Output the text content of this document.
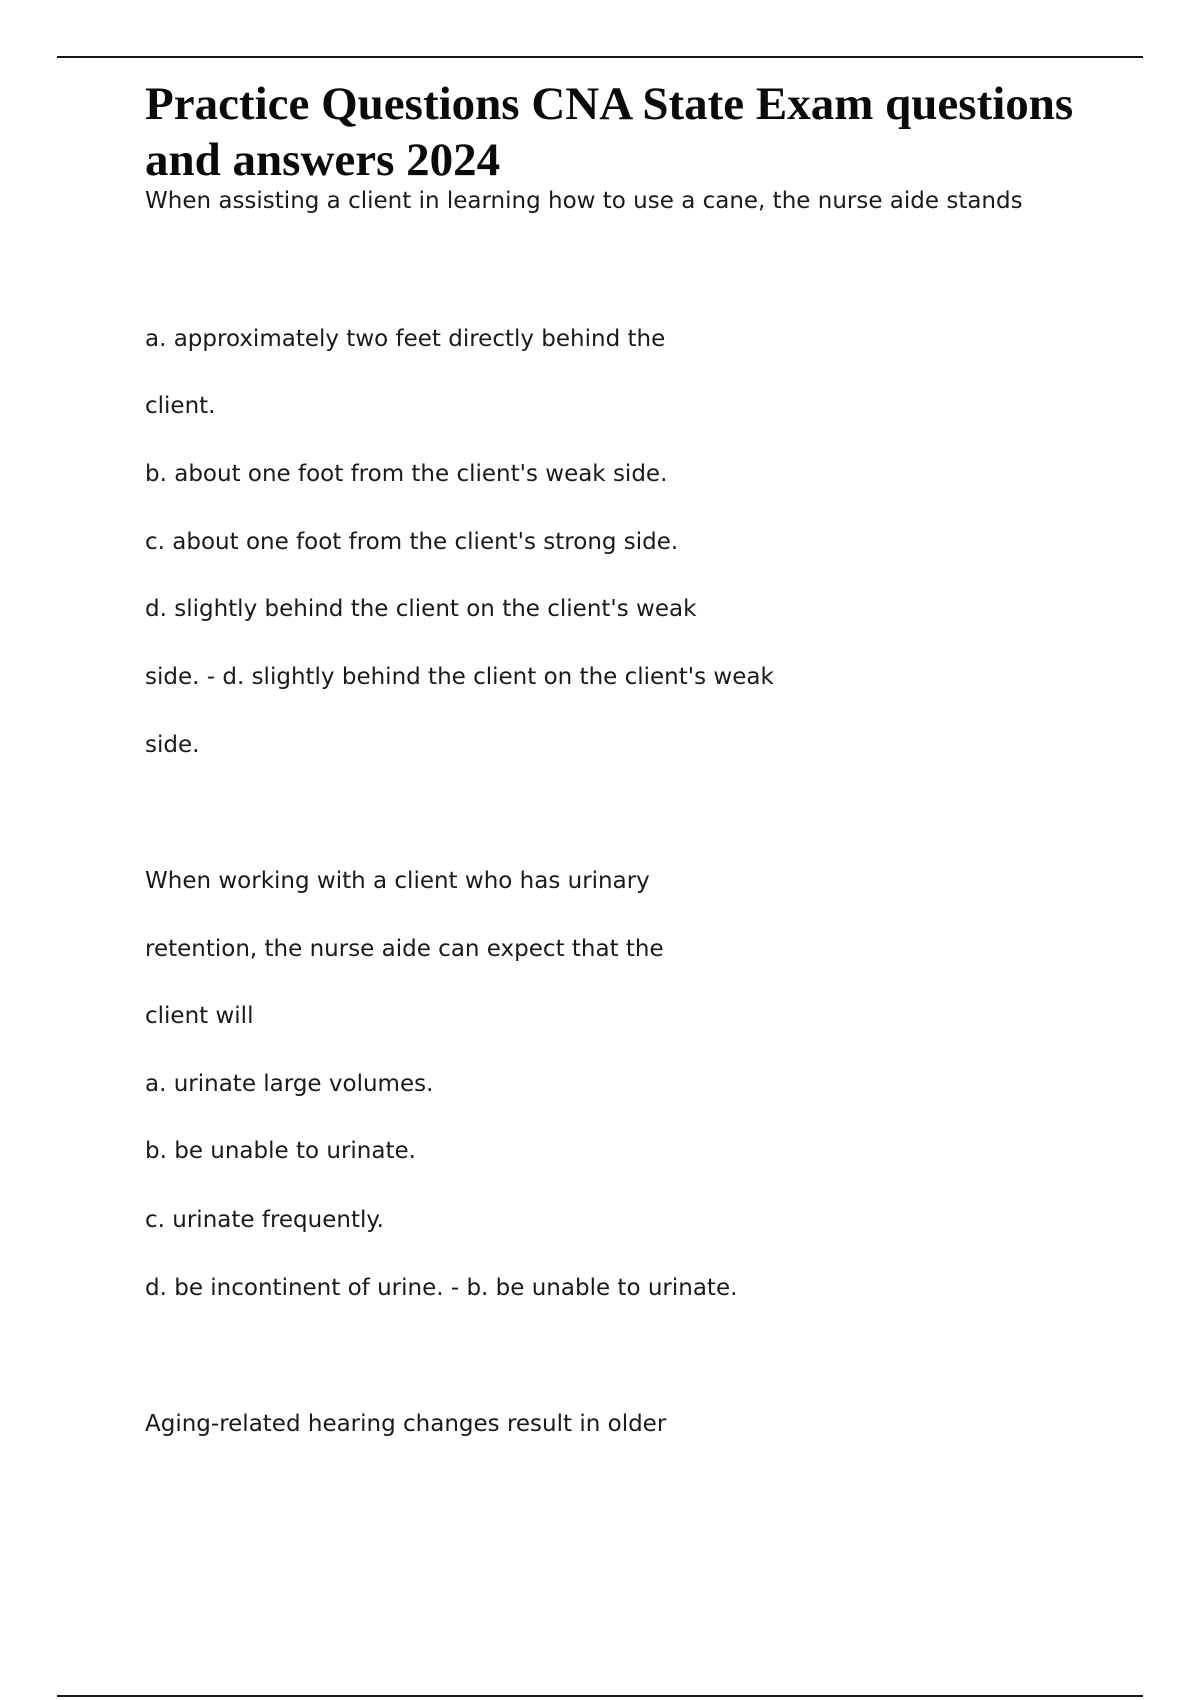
Practice Questions CNA State Exam questions and answers 2024

When assisting a client in learning how to use a cane, the nurse aide stands

a. approximately two feet directly behind the

client.

b. about one foot from the client's weak side.

c. about one foot from the client's strong side.

d. slightly behind the client on the client's weak

side. - d. slightly behind the client on the client's weak

side.

When working with a client who has urinary

retention, the nurse aide can expect that the

client will

a. urinate large volumes.

b. be unable to urinate.

c. urinate frequently.

d. be incontinent of urine. - b. be unable to urinate.

Aging-related hearing changes result in older
